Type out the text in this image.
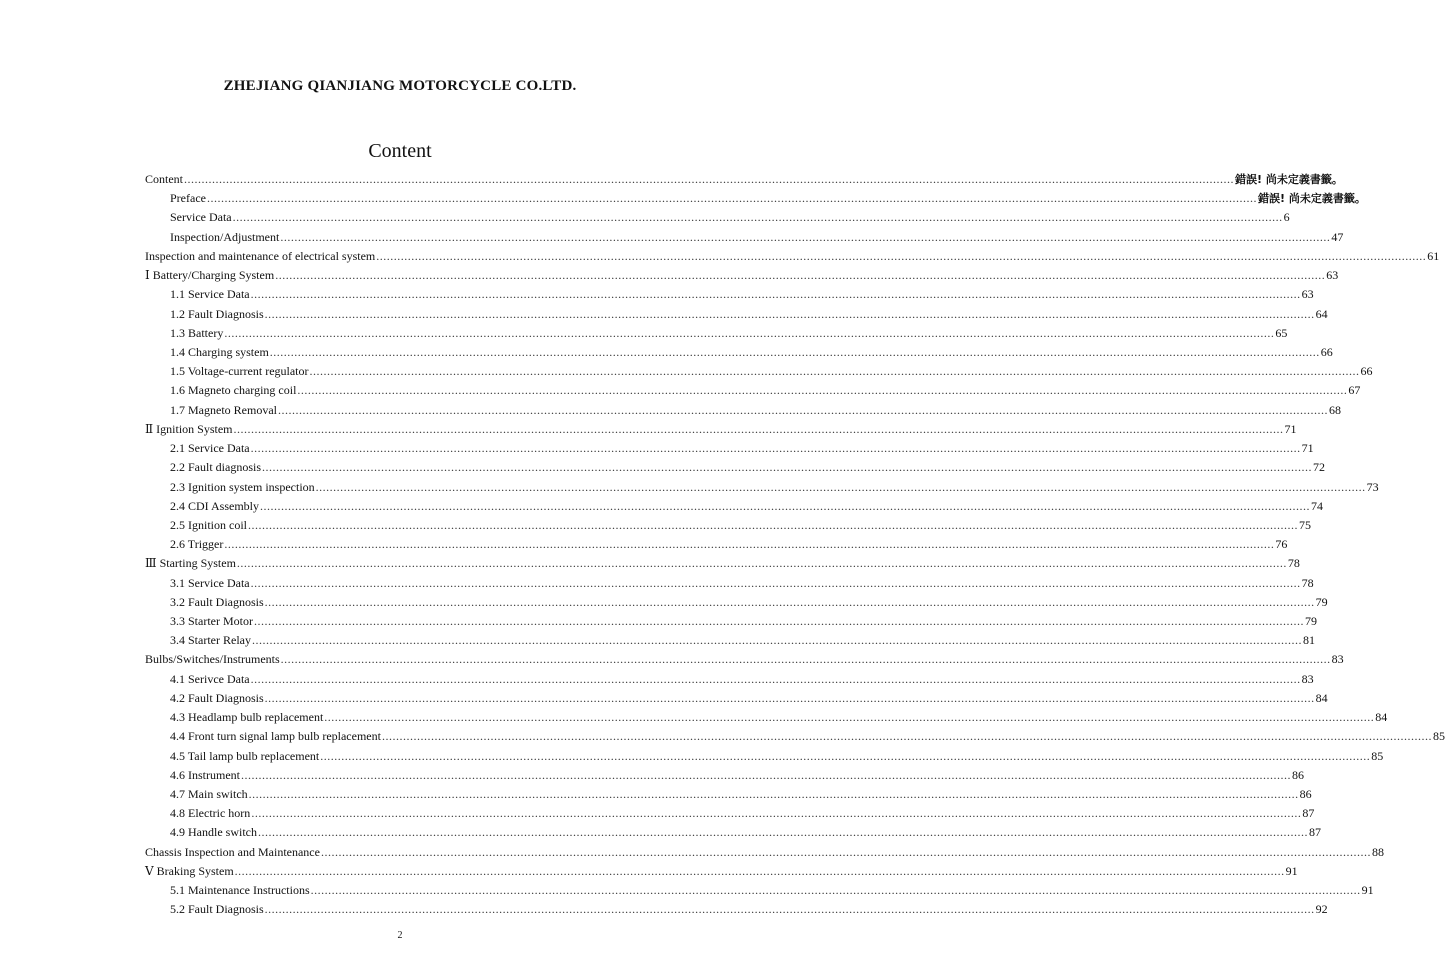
ZHEJIANG QIANJIANG MOTORCYCLE CO.LTD.
Content
Content ............................................................................................................................................................................................................................................................................................................ 錯誤! 尚未定義書籤。
Preface ............................................................................................................................................................................................................................................................................................................ 錯誤! 尚未定義書籤。
Service Data ............................................................................................................................................................................................................................................................................................................ 6
Inspection/Adjustment ............................................................................................................................................................................................................................................................................................................ 47
Inspection and maintenance of electrical system ............................................................................................................................................................................................................................................................................................................ 61
Ⅰ Battery/Charging System ............................................................................................................................................................................................................................................................................................................ 63
1.1 Service Data ............................................................................................................................................................................................................................................................................................................ 63
1.2 Fault Diagnosis ............................................................................................................................................................................................................................................................................................................ 64
1.3 Battery ............................................................................................................................................................................................................................................................................................................ 65
1.4 Charging system ............................................................................................................................................................................................................................................................................................................ 66
1.5 Voltage-current regulator ............................................................................................................................................................................................................................................................................................................ 66
1.6 Magneto charging coil ............................................................................................................................................................................................................................................................................................................ 67
1.7 Magneto Removal ............................................................................................................................................................................................................................................................................................................ 68
Ⅱ Ignition System ............................................................................................................................................................................................................................................................................................................ 71
2.1 Service Data ............................................................................................................................................................................................................................................................................................................ 71
2.2 Fault diagnosis ............................................................................................................................................................................................................................................................................................................ 72
2.3 Ignition system inspection ............................................................................................................................................................................................................................................................................................................ 73
2.4 CDI Assembly ............................................................................................................................................................................................................................................................................................................ 74
2.5 Ignition coil ............................................................................................................................................................................................................................................................................................................ 75
2.6 Trigger ............................................................................................................................................................................................................................................................................................................ 76
Ⅲ Starting System ............................................................................................................................................................................................................................................................................................................ 78
3.1 Service Data ............................................................................................................................................................................................................................................................................................................ 78
3.2 Fault Diagnosis ............................................................................................................................................................................................................................................................................................................ 79
3.3 Starter Motor ............................................................................................................................................................................................................................................................................................................ 79
3.4 Starter Relay ............................................................................................................................................................................................................................................................................................................ 81
Bulbs/Switches/Instruments ............................................................................................................................................................................................................................................................................................................ 83
4.1 Serivce Data ............................................................................................................................................................................................................................................................................................................ 83
4.2 Fault Diagnosis ............................................................................................................................................................................................................................................................................................................ 84
4.3 Headlamp bulb replacement ............................................................................................................................................................................................................................................................................................................ 84
4.4 Front turn signal lamp bulb replacement ............................................................................................................................................................................................................................................................................................................ 85
4.5 Tail lamp bulb replacement ............................................................................................................................................................................................................................................................................................................ 85
4.6 Instrument ............................................................................................................................................................................................................................................................................................................ 86
4.7 Main switch ............................................................................................................................................................................................................................................................................................................ 86
4.8 Electric horn ............................................................................................................................................................................................................................................................................................................ 87
4.9 Handle switch ............................................................................................................................................................................................................................................................................................................ 87
Chassis Inspection and Maintenance ............................................................................................................................................................................................................................................................................................................ 88
Ⅴ Braking System ............................................................................................................................................................................................................................................................................................................ 91
5.1 Maintenance Instructions ............................................................................................................................................................................................................................................................................................................ 91
5.2 Fault Diagnosis ............................................................................................................................................................................................................................................................................................................ 92
2
